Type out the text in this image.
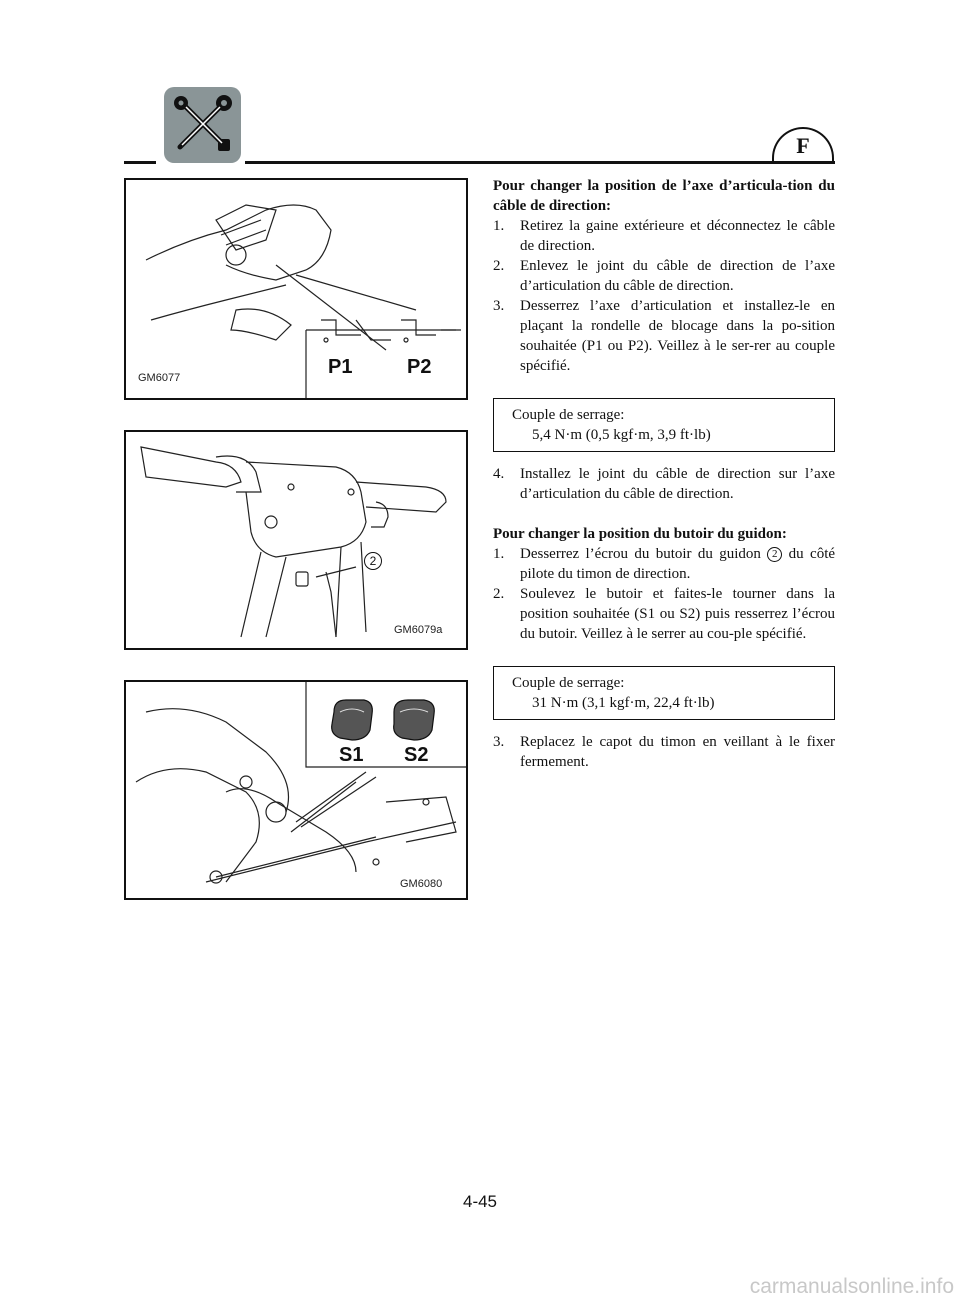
F
P1	P2
GM6077
2
GM6079a
S1 S2
GM6080

Pour changer la position de l’axe d’articula-tion du câble de direction:

1. Retirez la gaine extérieure et déconnectez le câble de direction.

2. Enlevez le joint du câble de direction de l’axe d’articulation du câble de direction.

3. Desserrez l’axe d’articulation et installez-le en plaçant la rondelle de blocage dans la po-sition souhaitée (P1 ou P2). Veillez à le ser-rer au couple spécifié.

Couple de serrage:
5,4 N·m (0,5 kgf·m, 3,9 ft·lb)

4. Installez le joint du câble de direction sur l’axe d’articulation du câble de direction.

Pour changer la position du butoir du guidon:

1. Desserrez l’écrou du butoir du guidon 2 du côté pilote du timon de direction.

2. Soulevez le butoir et faites-le tourner dans la position souhaitée (S1 ou S2) puis resserrez l’écrou du butoir. Veillez à le serrer au cou-ple spécifié.

Couple de serrage:
31 N·m (3,1 kgf·m, 22,4 ft·lb)

3. Replacez le capot du timon en veillant à le fixer fermement.

4-45
carmanualsonline.info
